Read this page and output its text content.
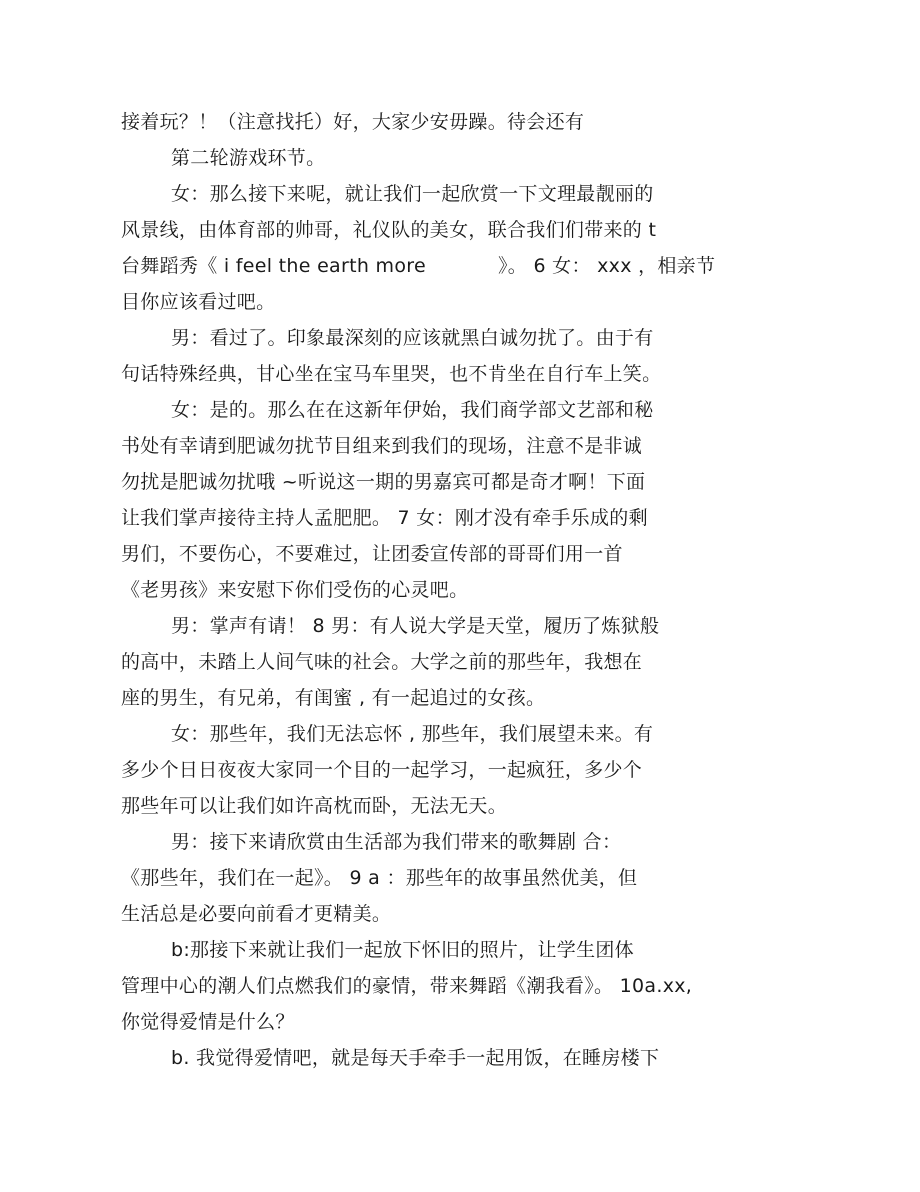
接着玩？！（注意找托）好，大家少安毋躁。待会还有
第二轮游戏环节。
女：那么接下来呢，就让我们一起欣赏一下文理最靓丽的
风景线，由体育部的帅哥，礼仪队的美女，联合我们们带来的 t
台舞蹈秀《 i feel the earth more	》。 6 女： xxx ，相亲节
目你应该看过吧。
男：看过了。印象最深刻的应该就黑白诚勿扰了。由于有
句话特殊经典，甘心坐在宝马车里哭，也不肯坐在自行车上笑。
女：是的。那么在在这新年伊始，我们商学部文艺部和秘
书处有幸请到肥诚勿扰节目组来到我们的现场，注意不是非诚
勿扰是肥诚勿扰哦 ~听说这一期的男嘉宾可都是奇才啊！下面
让我们掌声接待主持人孟肥肥。 7 女：刚才没有牵手乐成的剩
男们，不要伤心，不要难过，让团委宣传部的哥哥们用一首
《老男孩》来安慰下你们受伤的心灵吧。
男：掌声有请！ 8 男：有人说大学是天堂，履历了炼狱般
的高中，未踏上人间气味的社会。大学之前的那些年，我想在
座的男生，有兄弟，有闺蜜 , 有一起追过的女孩。
女：那些年，我们无法忘怀 , 那些年，我们展望未来。有
多少个日日夜夜大家同一个目的一起学习，一起疯狂，多少个
那些年可以让我们如许高枕而卧，无法无天。
男：接下来请欣赏由生活部为我们带来的歌舞剧 合：
《那些年，我们在一起》。 9 a ：那些年的故事虽然优美，但
生活总是必要向前看才更精美。
b:那接下来就让我们一起放下怀旧的照片，让学生团体
管理中心的潮人们点燃我们的豪情，带来舞蹈《潮我看》。 10a.xx,
你觉得爱情是什么？
b. 我觉得爱情吧，就是每天手牵手一起用饭，在睡房楼下
